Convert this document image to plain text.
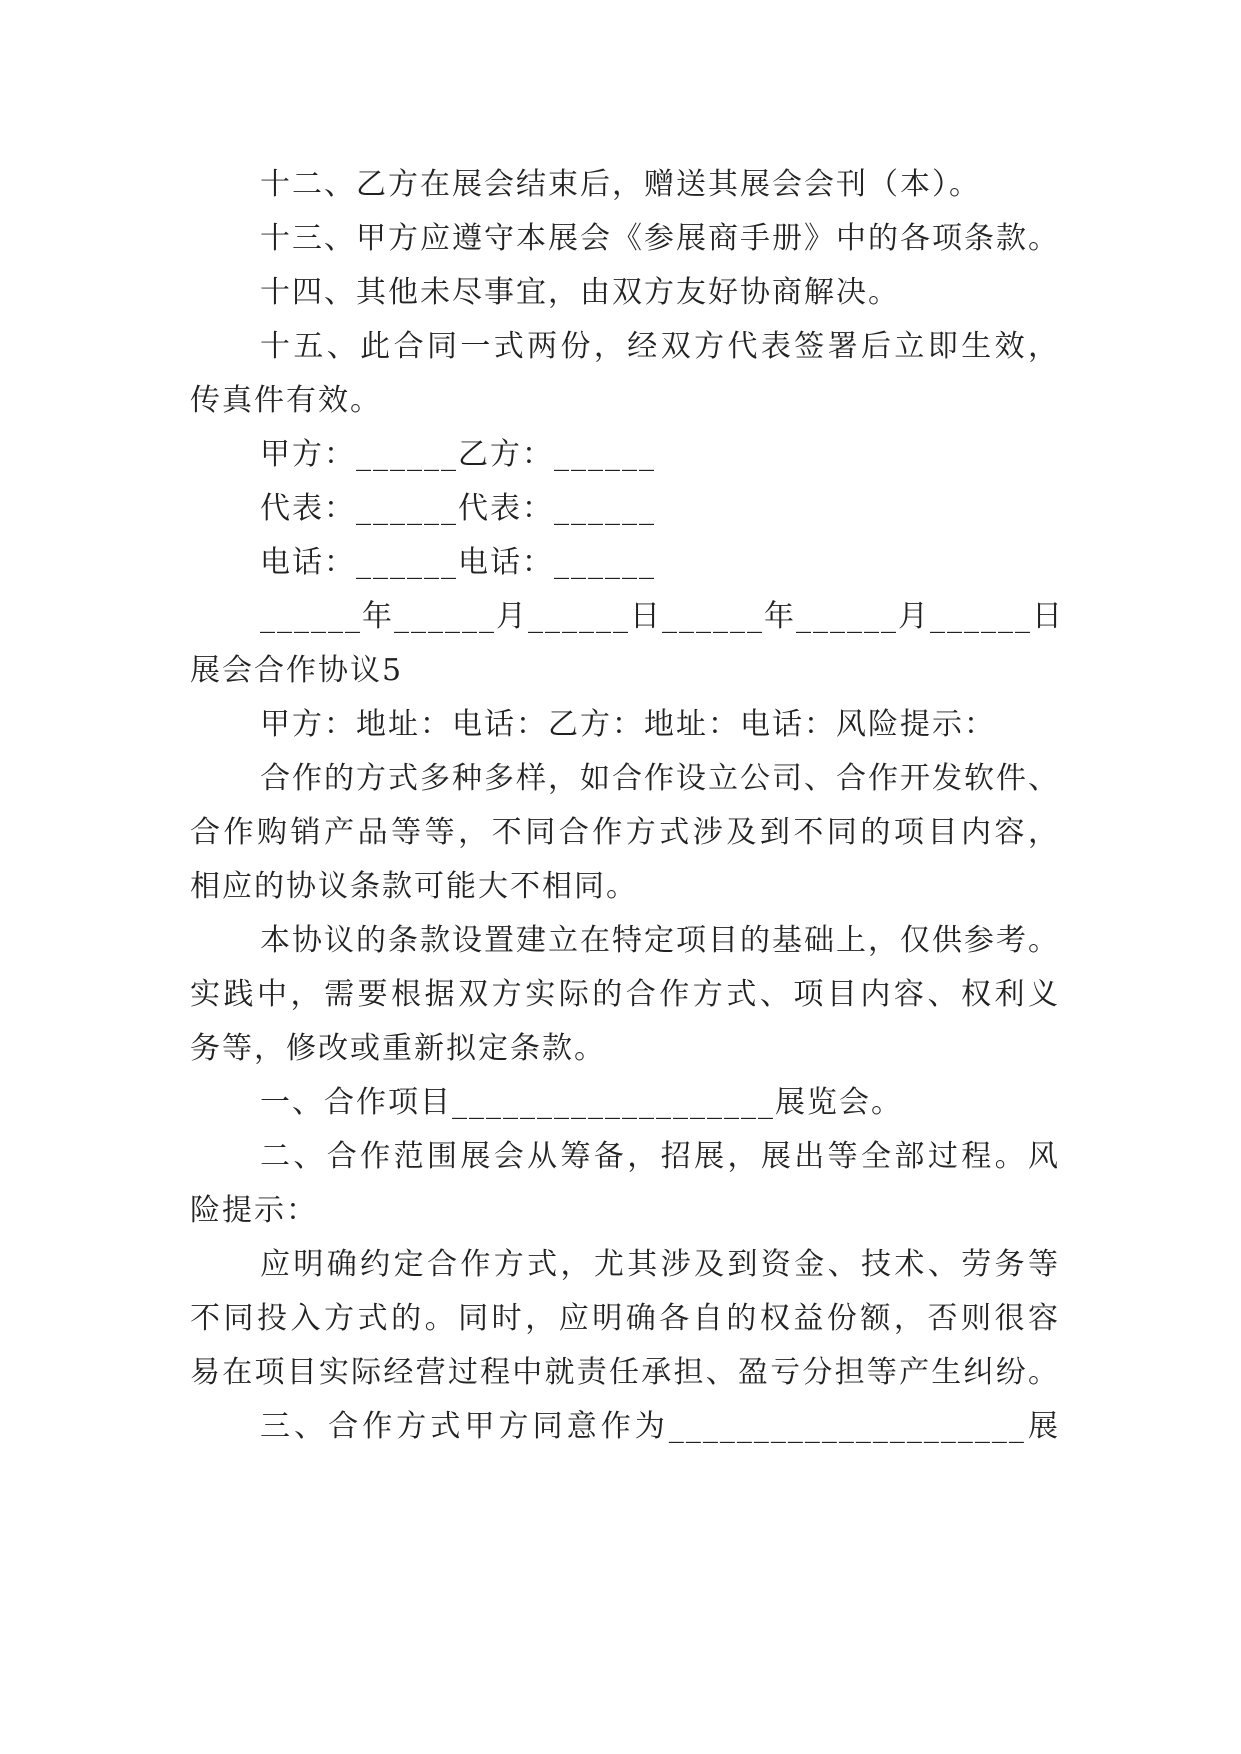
十二、乙方在展会结束后，赠送其展会会刊（本）。
十三、甲方应遵守本展会《参展商手册》中的各项条款。
十四、其他未尽事宜，由双方友好协商解决。
十五、此合同一式两份，经双方代表签署后立即生效，
传真件有效。
甲方：______乙方：______
代表：______代表：______
电话：______电话：______
______年______月______日______年______月______日
展会合作协议5
甲方：地址：电话：乙方：地址：电话：风险提示：
合作的方式多种多样，如合作设立公司、合作开发软件、
合作购销产品等等，不同合作方式涉及到不同的项目内容，
相应的协议条款可能大不相同。
本协议的条款设置建立在特定项目的基础上，仅供参考。
实践中，需要根据双方实际的合作方式、项目内容、权利义
务等，修改或重新拟定条款。
一、合作项目___________________展览会。
二、合作范围展会从筹备，招展，展出等全部过程。风
险提示：
应明确约定合作方式，尤其涉及到资金、技术、劳务等
不同投入方式的。同时，应明确各自的权益份额，否则很容
易在项目实际经营过程中就责任承担、盈亏分担等产生纠纷。
三、合作方式甲方同意作为_____________________展
